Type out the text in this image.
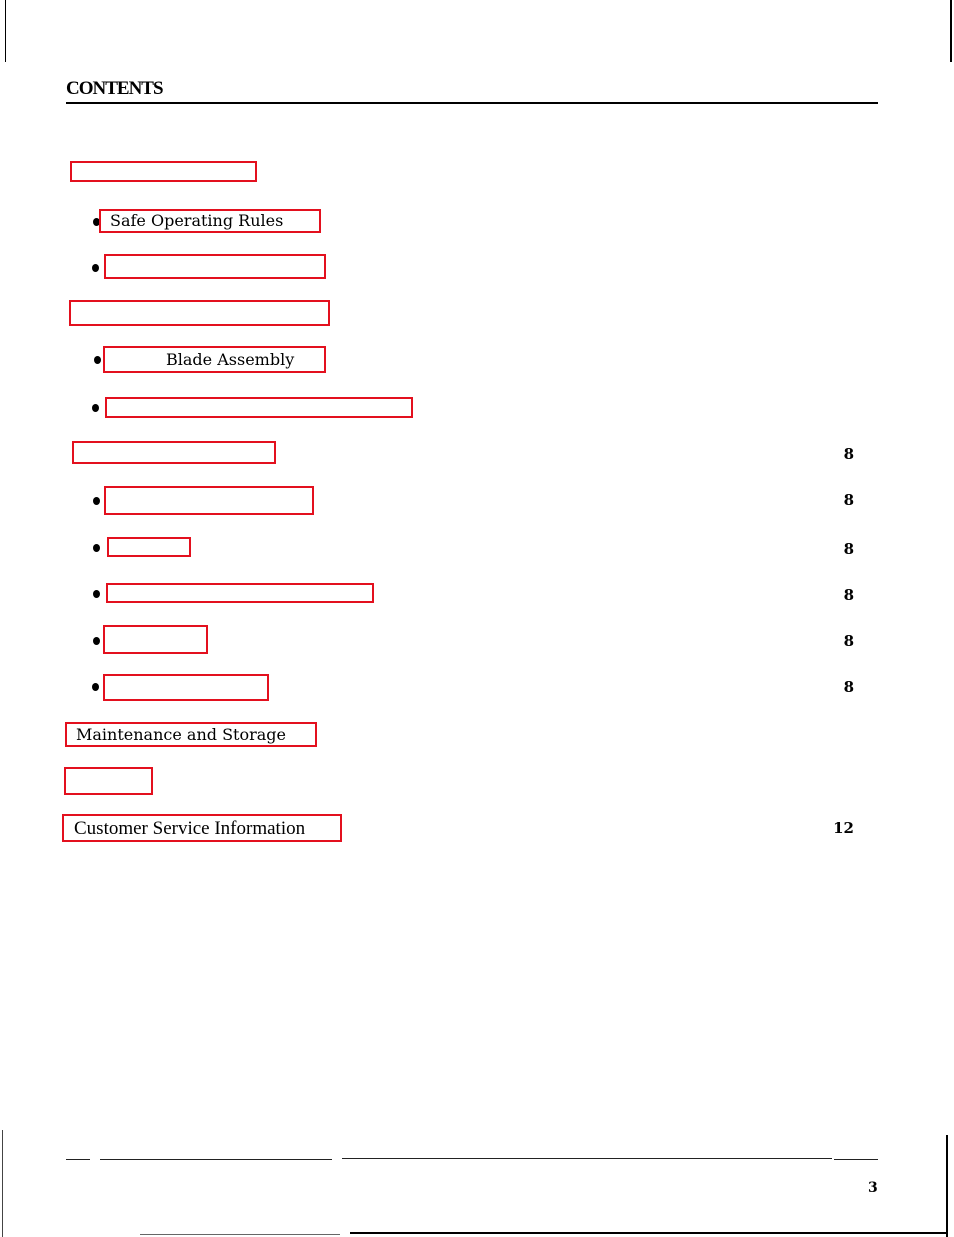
CONTENTS
Safe Operating Rules
Blade Assembly
8
8
8
8
8
8
Maintenance and Storage
Customer Service Information	12
3
